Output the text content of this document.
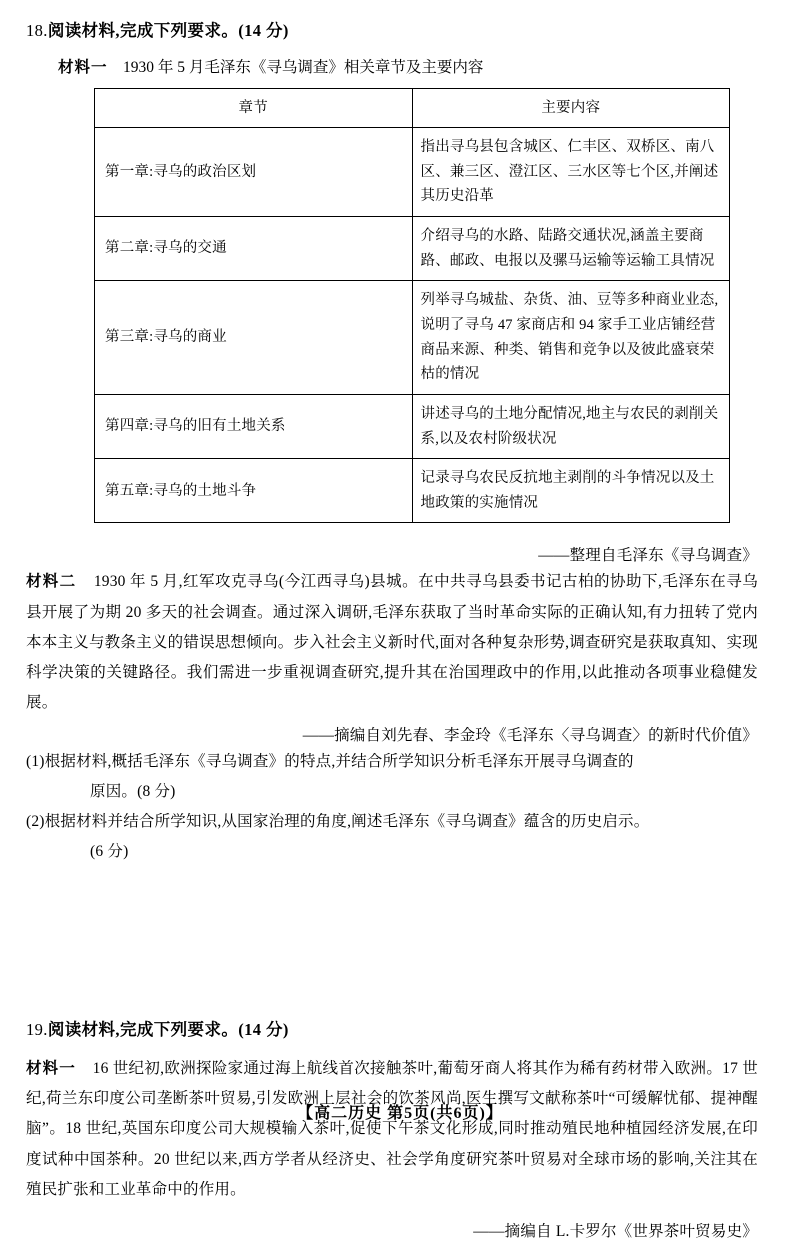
18.阅读材料,完成下列要求。(14 分)

材料一 1930 年 5 月毛泽东《寻乌调查》相关章节及主要内容

章节	主要内容
第一章:寻乌的政治区划	指出寻乌县包含城区、仁丰区、双桥区、南八区、兼三区、澄江区、三水区等七个区,并阐述其历史沿革
第二章:寻乌的交通	介绍寻乌的水路、陆路交通状况,涵盖主要商路、邮政、电报以及骡马运输等运输工具情况
第三章:寻乌的商业	列举寻乌城盐、杂货、油、豆等多种商业业态,说明了寻乌 47 家商店和 94 家手工业店铺经营商品来源、种类、销售和竞争以及彼此盛衰荣枯的情况
第四章:寻乌的旧有土地关系	讲述寻乌的土地分配情况,地主与农民的剥削关系,以及农村阶级状况
第五章:寻乌的土地斗争	记录寻乌农民反抗地主剥削的斗争情况以及土地政策的实施情况

——整理自毛泽东《寻乌调查》

材料二 1930 年 5 月,红军攻克寻乌(今江西寻乌)县城。在中共寻乌县委书记古柏的协助下,毛泽东在寻乌县开展了为期 20 多天的社会调查。通过深入调研,毛泽东获取了当时革命实际的正确认知,有力扭转了党内本本主义与教条主义的错误思想倾向。步入社会主义新时代,面对各种复杂形势,调查研究是获取真知、实现科学决策的关键路径。我们需进一步重视调查研究,提升其在治国理政中的作用,以此推动各项事业稳健发展。

——摘编自刘先春、李金玲《毛泽东〈寻乌调查〉的新时代价值》

(1)根据材料,概括毛泽东《寻乌调查》的特点,并结合所学知识分析毛泽东开展寻乌调查的
原因。(8 分)

(2)根据材料并结合所学知识,从国家治理的角度,阐述毛泽东《寻乌调查》蕴含的历史启示。
(6 分)

19.阅读材料,完成下列要求。(14 分)

材料一 16 世纪初,欧洲探险家通过海上航线首次接触茶叶,葡萄牙商人将其作为稀有药材带入欧洲。17 世纪,荷兰东印度公司垄断茶叶贸易,引发欧洲上层社会的饮茶风尚,医生撰写文献称茶叶“可缓解忧郁、提神醒脑”。18 世纪,英国东印度公司大规模输入茶叶,促使下午茶文化形成,同时推动殖民地种植园经济发展,在印度试种中国茶种。20 世纪以来,西方学者从经济史、社会学角度研究茶叶贸易对全球市场的影响,关注其在殖民扩张和工业革命中的作用。

——摘编自 L.卡罗尔《世界茶叶贸易史》

【高二历史 第5页(共6页)】
